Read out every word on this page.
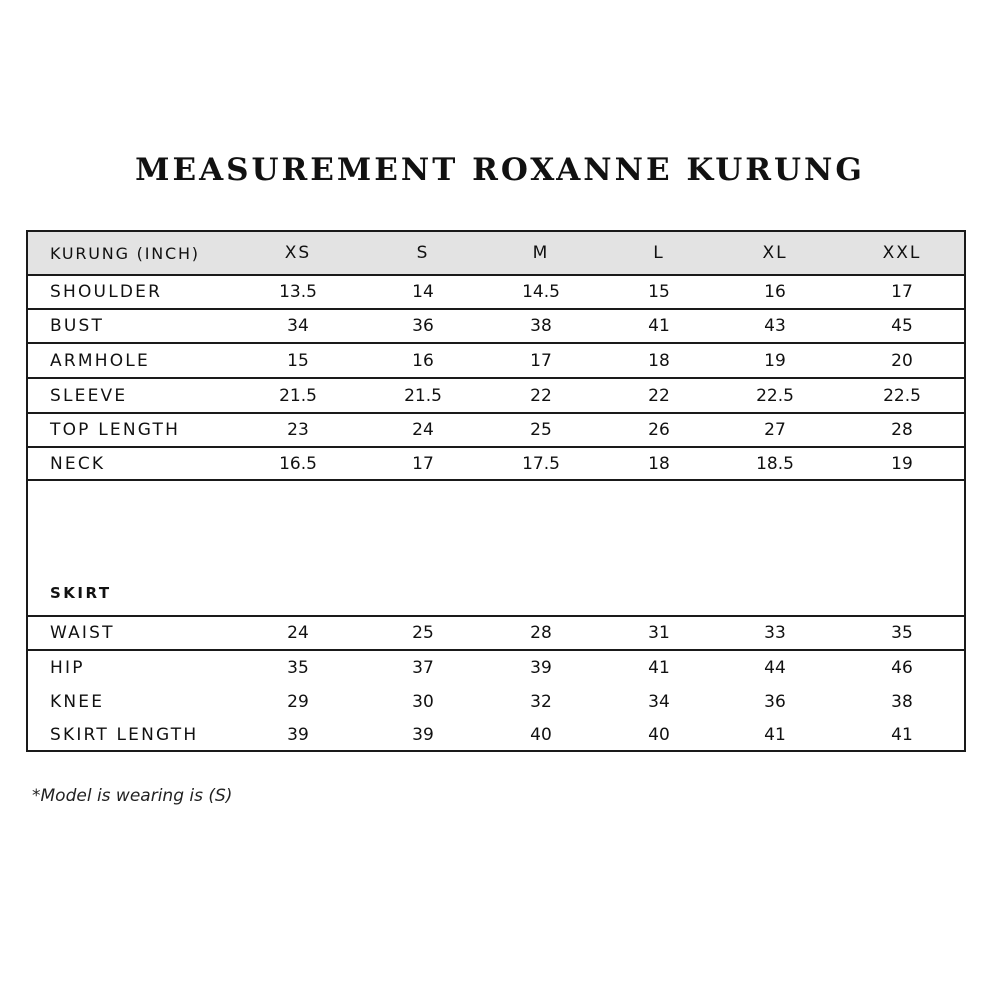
MEASUREMENT ROXANNE KURUNG
KURUNG (INCH)	XS	S	M	L	XL	XXL
SHOULDER	13.5	14	14.5	15	16	17
BUST	34	36	38	41	43	45
ARMHOLE	15	16	17	18	19	20
SLEEVE	21.5	21.5	22	22	22.5	22.5
TOP LENGTH	23	24	25	26	27	28
NECK	16.5	17	17.5	18	18.5	19
SKIRT
WAIST	24	25	28	31	33	35
HIP	35	37	39	41	44	46
KNEE	29	30	32	34	36	38
SKIRT LENGTH	39	39	40	40	41	41
*Model is wearing is (S)
